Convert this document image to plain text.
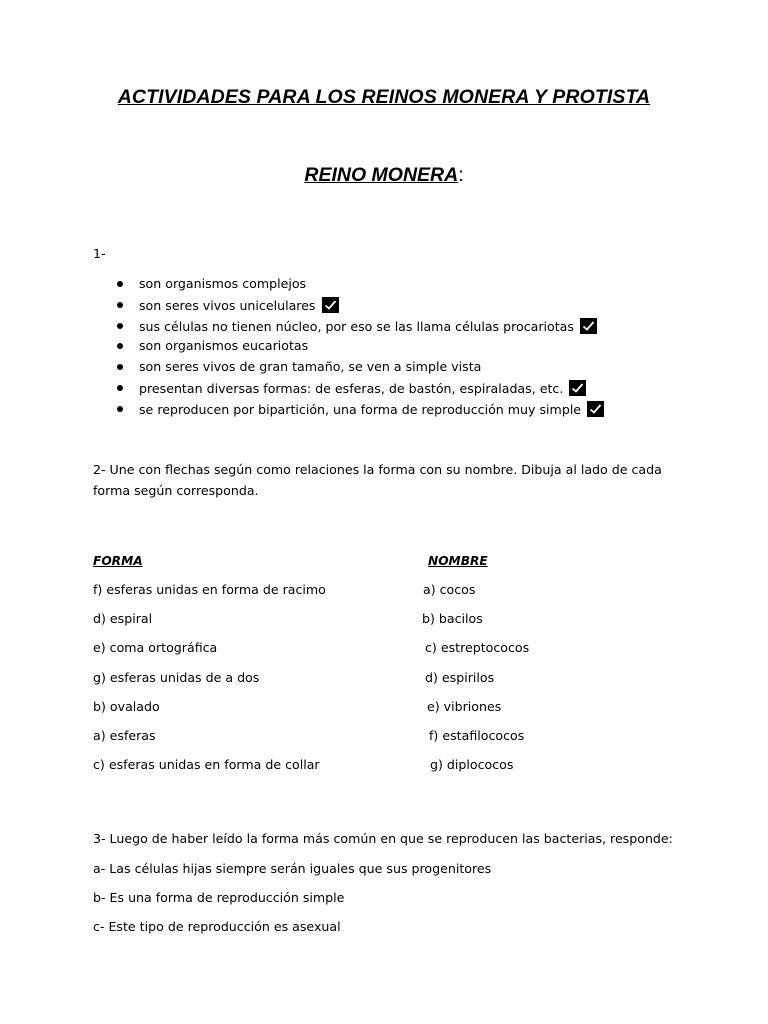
ACTIVIDADES PARA LOS REINOS MONERA Y PROTISTA
REINO MONERA:
1-
son organismos complejos
son seres vivos unicelulares
sus células no tienen núcleo, por eso se las llama células procariotas
son organismos eucariotas
son seres vivos de gran tamaño, se ven a simple vista
presentan diversas formas: de esferas, de bastón, espiraladas, etc.
se reproducen por bipartición, una forma de reproducción muy simple
2- Une con flechas según como relaciones la forma con su nombre. Dibuja al lado de cada forma según corresponda.
FORMA	NOMBRE
f) esferas unidas en forma de racimo	a) cocos
d) espiral	b) bacilos
e) coma ortográfica	c) estreptococos
g) esferas unidas de a dos	d) espirilos
b) ovalado	e) vibriones
a) esferas	f) estafilococos
c) esferas unidas en forma de collar	g) diplococos
3- Luego de haber leído la forma más común en que se reproducen las bacterias, responde:
a- Las células hijas siempre serán iguales que sus progenitores
b- Es una forma de reproducción simple
c- Este tipo de reproducción es asexual
